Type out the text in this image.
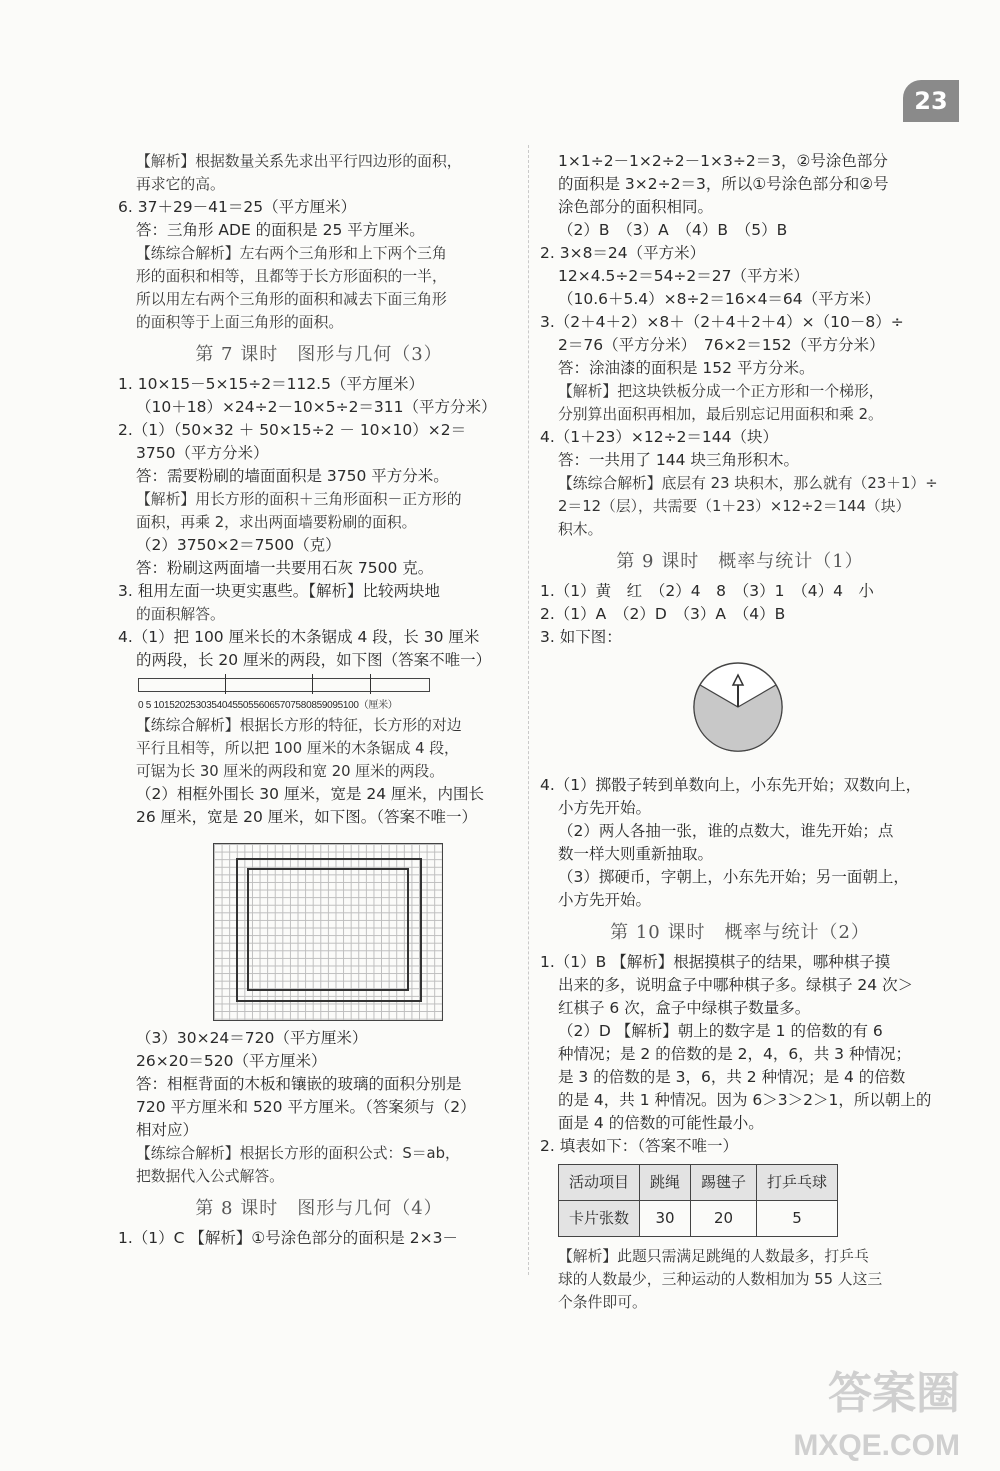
23
【解析】根据数量关系先求出平行四边形的面积，
再求它的高。
6. 37＋29－41＝25（平方厘米）
答：三角形 ADE 的面积是 25 平方厘米。
【练综合解析】左右两个三角形和上下两个三角
形的面积和相等，且都等于长方形面积的一半，
所以用左右两个三角形的面积和减去下面三角形
的面积等于上面三角形的面积。
第 7 课时　图形与几何（3）
1. 10×15－5×15÷2＝112.5（平方厘米）
（10＋18）×24÷2－10×5÷2＝311（平方分米）
2.（1）（50×32 ＋ 50×15÷2 － 10×10）×2＝
3750（平方分米）
答：需要粉刷的墙面面积是 3750 平方分米。
【解析】用长方形的面积＋三角形面积－正方形的
面积，再乘 2，求出两面墙要粉刷的面积。
（2）3750×2＝7500（克）
答：粉刷这两面墙一共要用石灰 7500 克。
3. 租用左面一块更实惠些。【解析】比较两块地
的面积解答。
4.（1）把 100 厘米长的木条锯成 4 段，长 30 厘米
的两段，长 20 厘米的两段，如下图（答案不唯一）
0 5 101520253035404550556065707580859095100（厘米）
【练综合解析】根据长方形的特征，长方形的对边
平行且相等，所以把 100 厘米的木条锯成 4 段，
可锯为长 30 厘米的两段和宽 20 厘米的两段。
（2）相框外围长 30 厘米，宽是 24 厘米，内围长
26 厘米，宽是 20 厘米，如下图。（答案不唯一）
（3）30×24＝720（平方厘米）
26×20＝520（平方厘米）
答：相框背面的木板和镶嵌的玻璃的面积分别是
720 平方厘米和 520 平方厘米。（答案须与（2）
相对应）
【练综合解析】根据长方形的面积公式：S＝ab，
把数据代入公式解答。
第 8 课时　图形与几何（4）
1.（1）C 【解析】①号涂色部分的面积是 2×3－
1×1÷2－1×2÷2－1×3÷2＝3，②号涂色部分
的面积是 3×2÷2＝3，所以①号涂色部分和②号
涂色部分的面积相同。
（2）B　（3）A　（4）B　（5）B
2. 3×8＝24（平方米）
12×4.5÷2＝54÷2＝27（平方米）
（10.6＋5.4）×8÷2＝16×4＝64（平方米）
3.（2＋4＋2）×8＋（2＋4＋2＋4）×（10－8）÷
2＝76（平方分米）　76×2＝152（平方分米）
答：涂油漆的面积是 152 平方分米。
【解析】把这块铁板分成一个正方形和一个梯形，
分别算出面积再相加，最后别忘记用面积和乘 2。
4.（1＋23）×12÷2＝144（块）
答：一共用了 144 块三角形积木。
【练综合解析】底层有 23 块积木，那么就有（23＋1）÷
2＝12（层），共需要（1＋23）×12÷2＝144（块）
积木。
第 9 课时　概率与统计（1）
1.（1）黄　红　（2）4　8　（3）1　（4）4　小
2.（1）A　（2）D　（3）A　（4）B
3. 如下图：
4.（1）掷骰子转到单数向上，小东先开始；双数向上，
小方先开始。
（2）两人各抽一张，谁的点数大，谁先开始；点
数一样大则重新抽取。
（3）掷硬币，字朝上，小东先开始；另一面朝上，
小方先开始。
第 10 课时　概率与统计（2）
1.（1）B 【解析】根据摸棋子的结果，哪种棋子摸
出来的多，说明盒子中哪种棋子多。绿棋子 24 次＞
红棋子 6 次，盒子中绿棋子数量多。
（2）D 【解析】朝上的数字是 1 的倍数的有 6
种情况；是 2 的倍数的是 2，4，6，共 3 种情况；
是 3 的倍数的是 3，6，共 2 种情况；是 4 的倍数
的是 4，共 1 种情况。因为 6＞3＞2＞1，所以朝上的
面是 4 的倍数的可能性最小。
2. 填表如下：（答案不唯一）
活动项目	跳绳	踢毽子	打乒乓球
卡片张数	30	20	5
【解析】此题只需满足跳绳的人数最多，打乒乓
球的人数最少，三种运动的人数相加为 55 人这三
个条件即可。
答案圈
MXQE.COM
